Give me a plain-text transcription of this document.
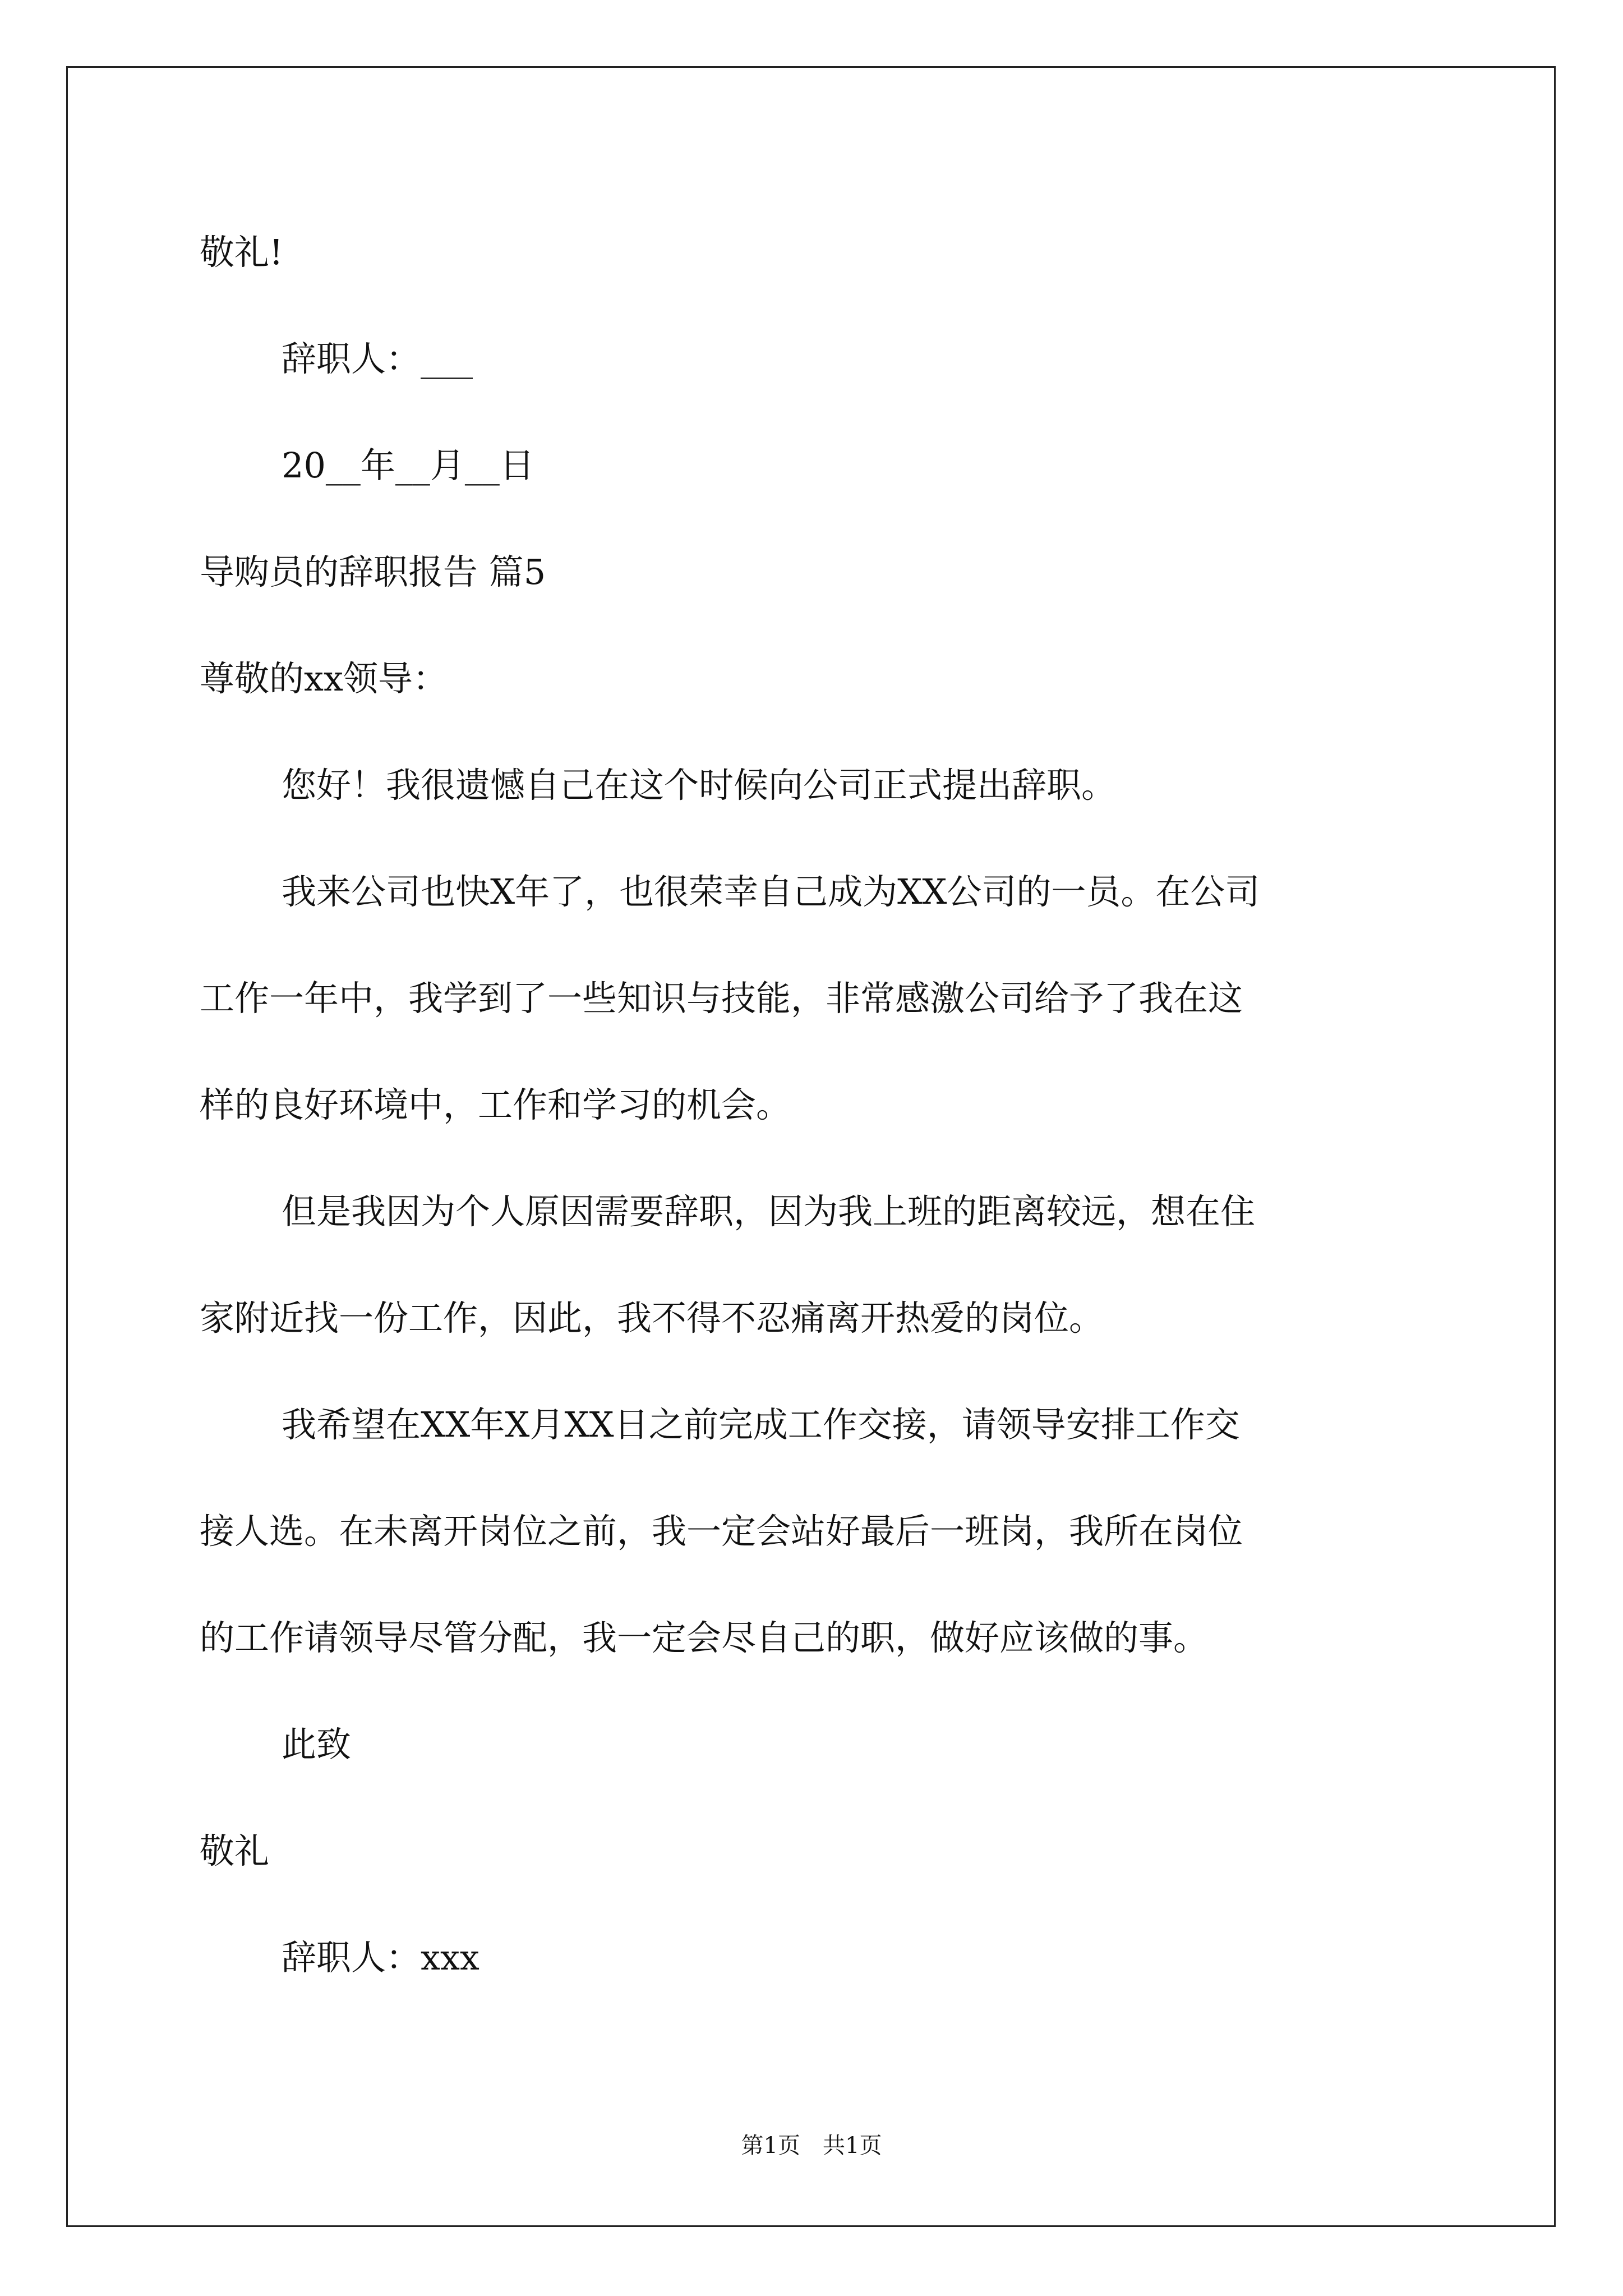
敬礼!
辞职人：___
20__年__月__日
导购员的辞职报告 篇5
尊敬的xx领导：
您好！我很遗憾自己在这个时候向公司正式提出辞职。
我来公司也快X年了，也很荣幸自己成为XX公司的一员。在公司
工作一年中，我学到了一些知识与技能，非常感激公司给予了我在这
样的良好环境中，工作和学习的机会。
但是我因为个人原因需要辞职，因为我上班的距离较远，想在住
家附近找一份工作，因此，我不得不忍痛离开热爱的岗位。
我希望在XX年X月XX日之前完成工作交接，请领导安排工作交
接人选。在未离开岗位之前，我一定会站好最后一班岗，我所在岗位
的工作请领导尽管分配，我一定会尽自己的职，做好应该做的事。
此致
敬礼
辞职人：xxx
第1页　共1页
